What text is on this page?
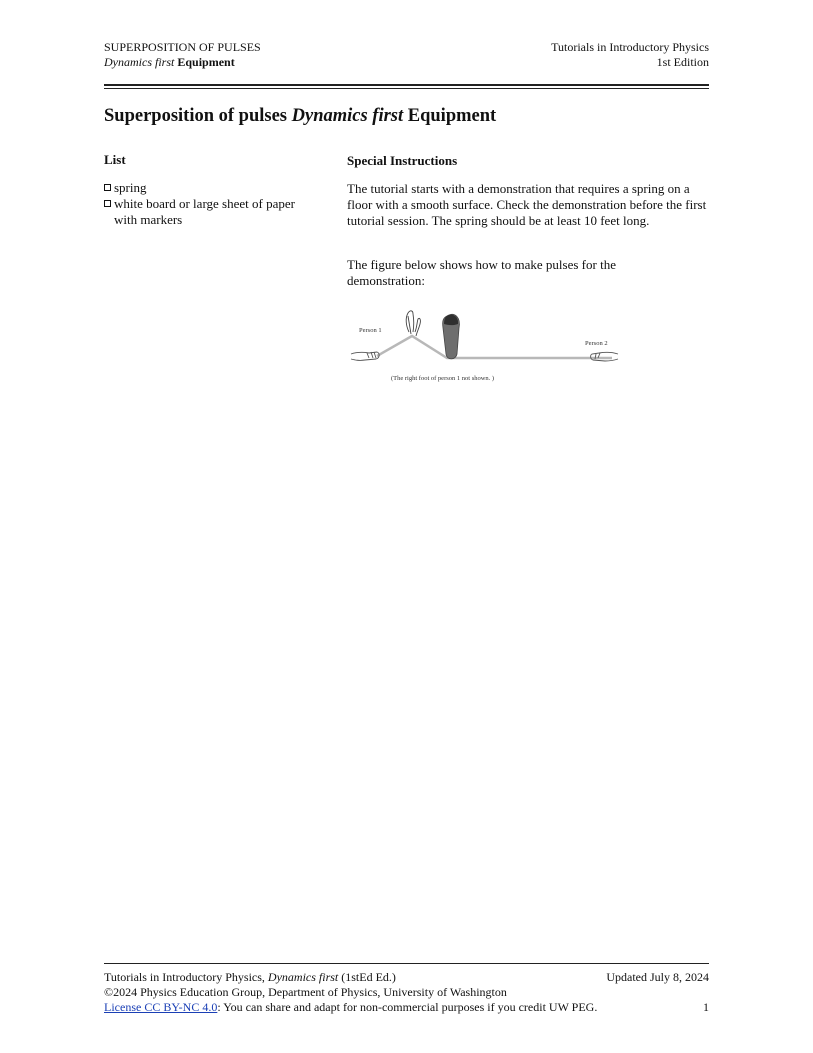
SUPERPOSITION OF PULSES
Dynamics first Equipment
Tutorials in Introductory Physics
1st Edition
Superposition of pulses Dynamics first Equipment
List
spring
white board or large sheet of paper with markers
Special Instructions

The tutorial starts with a demonstration that requires a spring on a floor with a smooth surface. Check the demonstration before the first tutorial session. The spring should be at least 10 feet long.

The figure below shows how to make pulses for the demonstration:

Person 1
Person 2
(The right foot of person 1 not shown. )
Tutorials in Introductory Physics, Dynamics first (1stEd Ed.)	Updated July 8, 2024
©2024 Physics Education Group, Department of Physics, University of Washington
License CC BY-NC 4.0: You can share and adapt for non-commercial purposes if you credit UW PEG.	1
